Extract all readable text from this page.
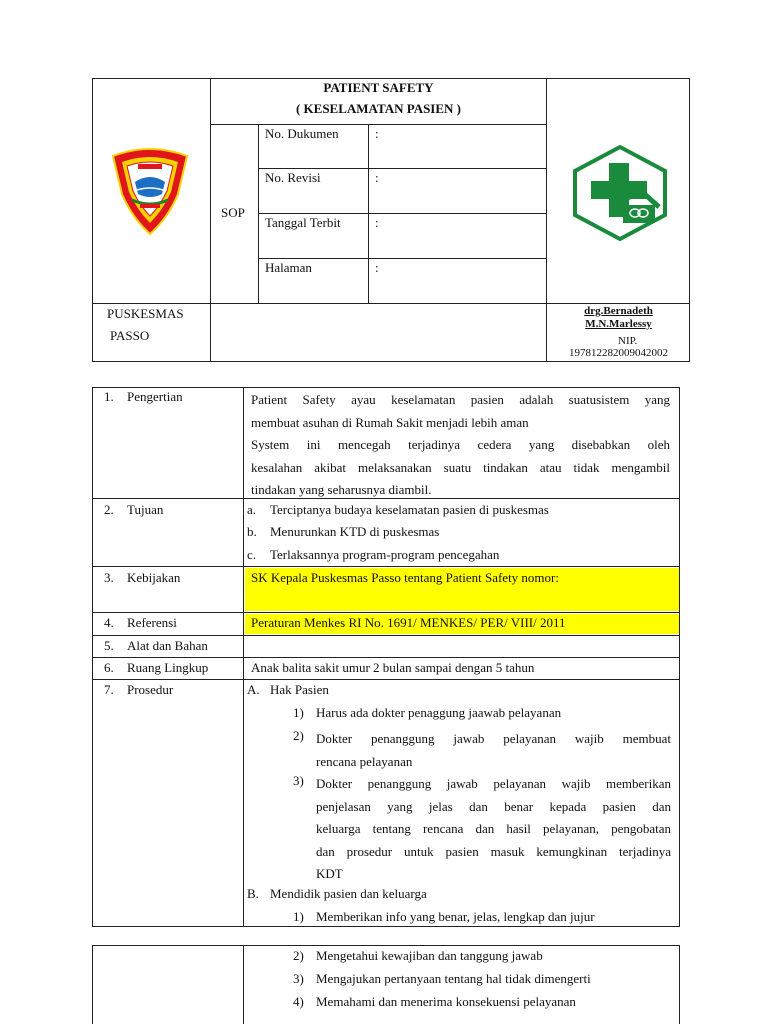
PATIENT SAFETY
( KESELAMATAN PASIEN )
SOP
No. Dukumen	:
No. Revisi	:
Tanggal Terbit	:
Halaman	:
PUSKESMAS
PASSO
drg.Bernadeth
M.N.Marlessy
NIP.
197812282009042002
1. Pengertian	Patient Safety ayau keselamatan pasien adalah suatusistem yang
membuat asuhan di Rumah Sakit menjadi lebih aman
System ini mencegah terjadinya cedera yang disebabkan oleh
kesalahan akibat melaksanakan suatu tindakan atau tidak mengambil
tindakan yang seharusnya diambil.
2. Tujuan	a. Terciptanya budaya keselamatan pasien di puskesmas
b. Menurunkan KTD di puskesmas
c. Terlaksannya program-program pencegahan
3. Kebijakan	SK Kepala Puskesmas Passo tentang Patient Safety nomor:
4. Referensi	Peraturan Menkes RI No. 1691/ MENKES/ PER/ VIII/ 2011
5. Alat dan Bahan
6. Ruang Lingkup	Anak balita sakit umur 2 bulan sampai dengan 5 tahun
7. Prosedur	A. Hak Pasien
1) Harus ada dokter penaggung jaawab pelayanan
2) Dokter penanggung jawab pelayanan wajib membuat
rencana pelayanan
3) Dokter penanggung jawab pelayanan wajib memberikan
penjelasan yang jelas dan benar kepada pasien dan
keluarga tentang rencana dan hasil pelayanan, pengobatan
dan prosedur untuk pasien masuk kemungkinan terjadinya
KDT
B. Mendidik pasien dan keluarga
1) Memberikan info yang benar, jelas, lengkap dan jujur
2) Mengetahui kewajiban dan tanggung jawab
3) Mengajukan pertanyaan tentang hal tidak dimengerti
4) Memahami dan menerima konsekuensi pelayanan
